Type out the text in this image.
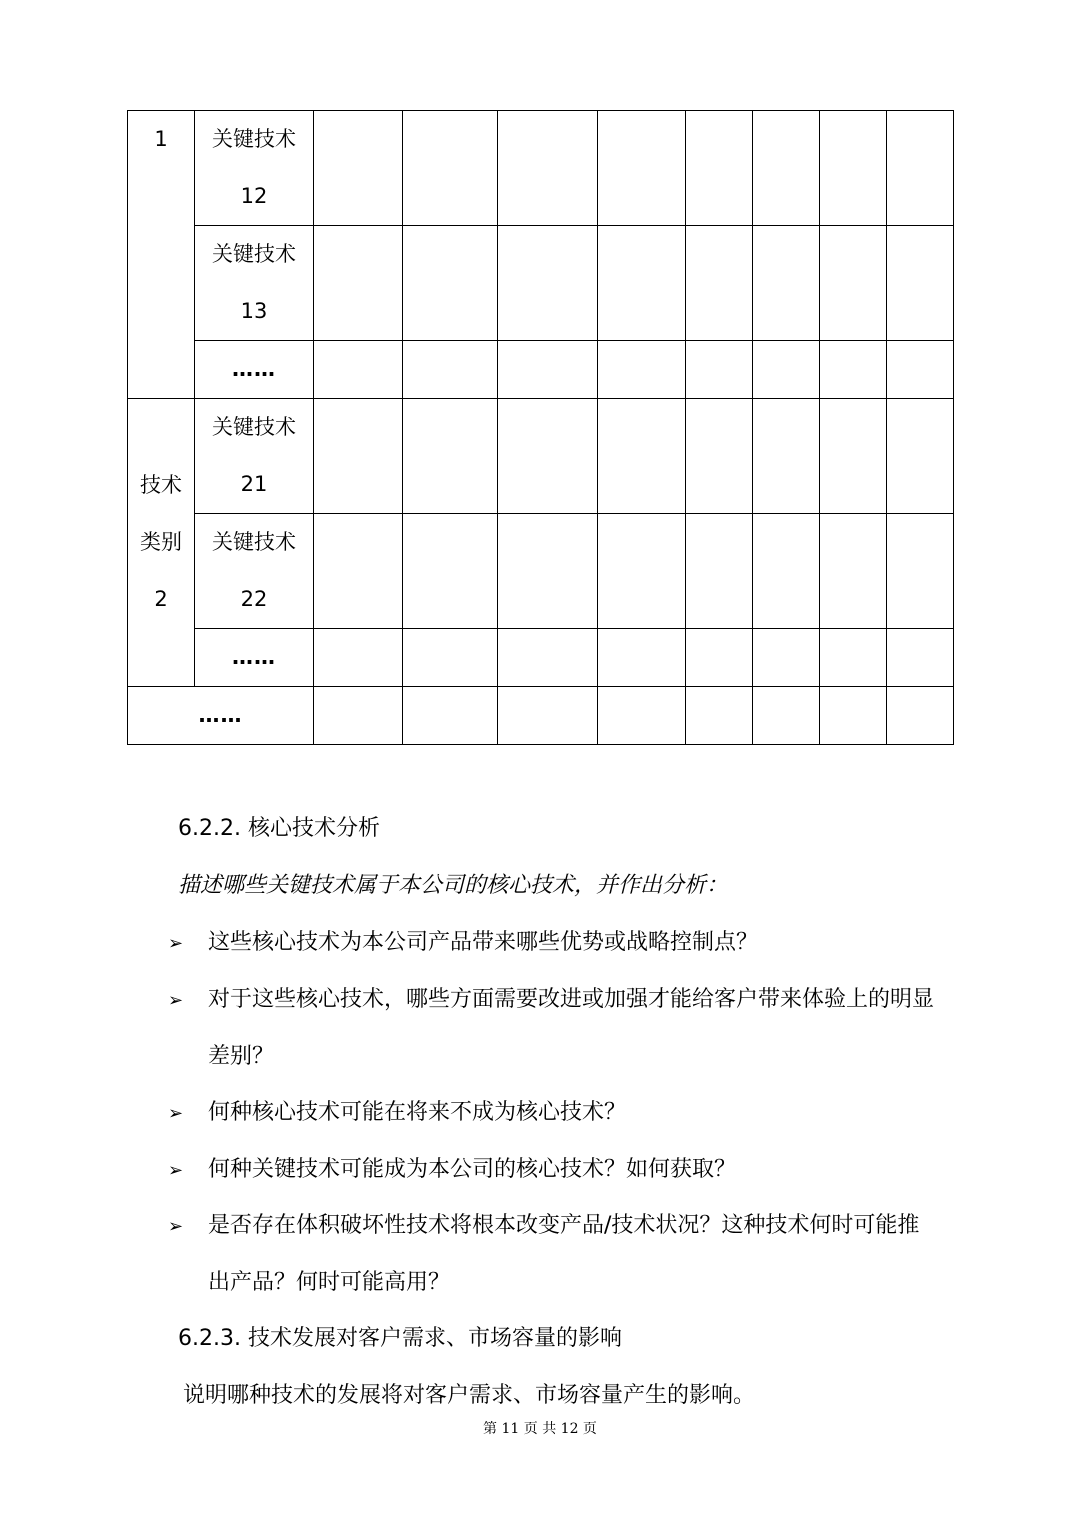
1	关键技术
12								

	关键技术
13								

	……								

技术
类别
2	关键技术
21								

	关键技术
22								

	……								

……									

6.2.2. 核心技术分析
描述哪些关键技术属于本公司的核心技术，并作出分析：
➢ 这些核心技术为本公司产品带来哪些优势或战略控制点？
➢ 对于这些核心技术，哪些方面需要改进或加强才能给客户带来体验上的明显
差别？
➢ 何种核心技术可能在将来不成为核心技术？
➢ 何种关键技术可能成为本公司的核心技术？如何获取？
➢ 是否存在体积破坏性技术将根本改变产品/技术状况？这种技术何时可能推
出产品？何时可能高用？
6.2.3. 技术发展对客户需求、市场容量的影响
说明哪种技术的发展将对客户需求、市场容量产生的影响。
第 11 页 共 12 页
